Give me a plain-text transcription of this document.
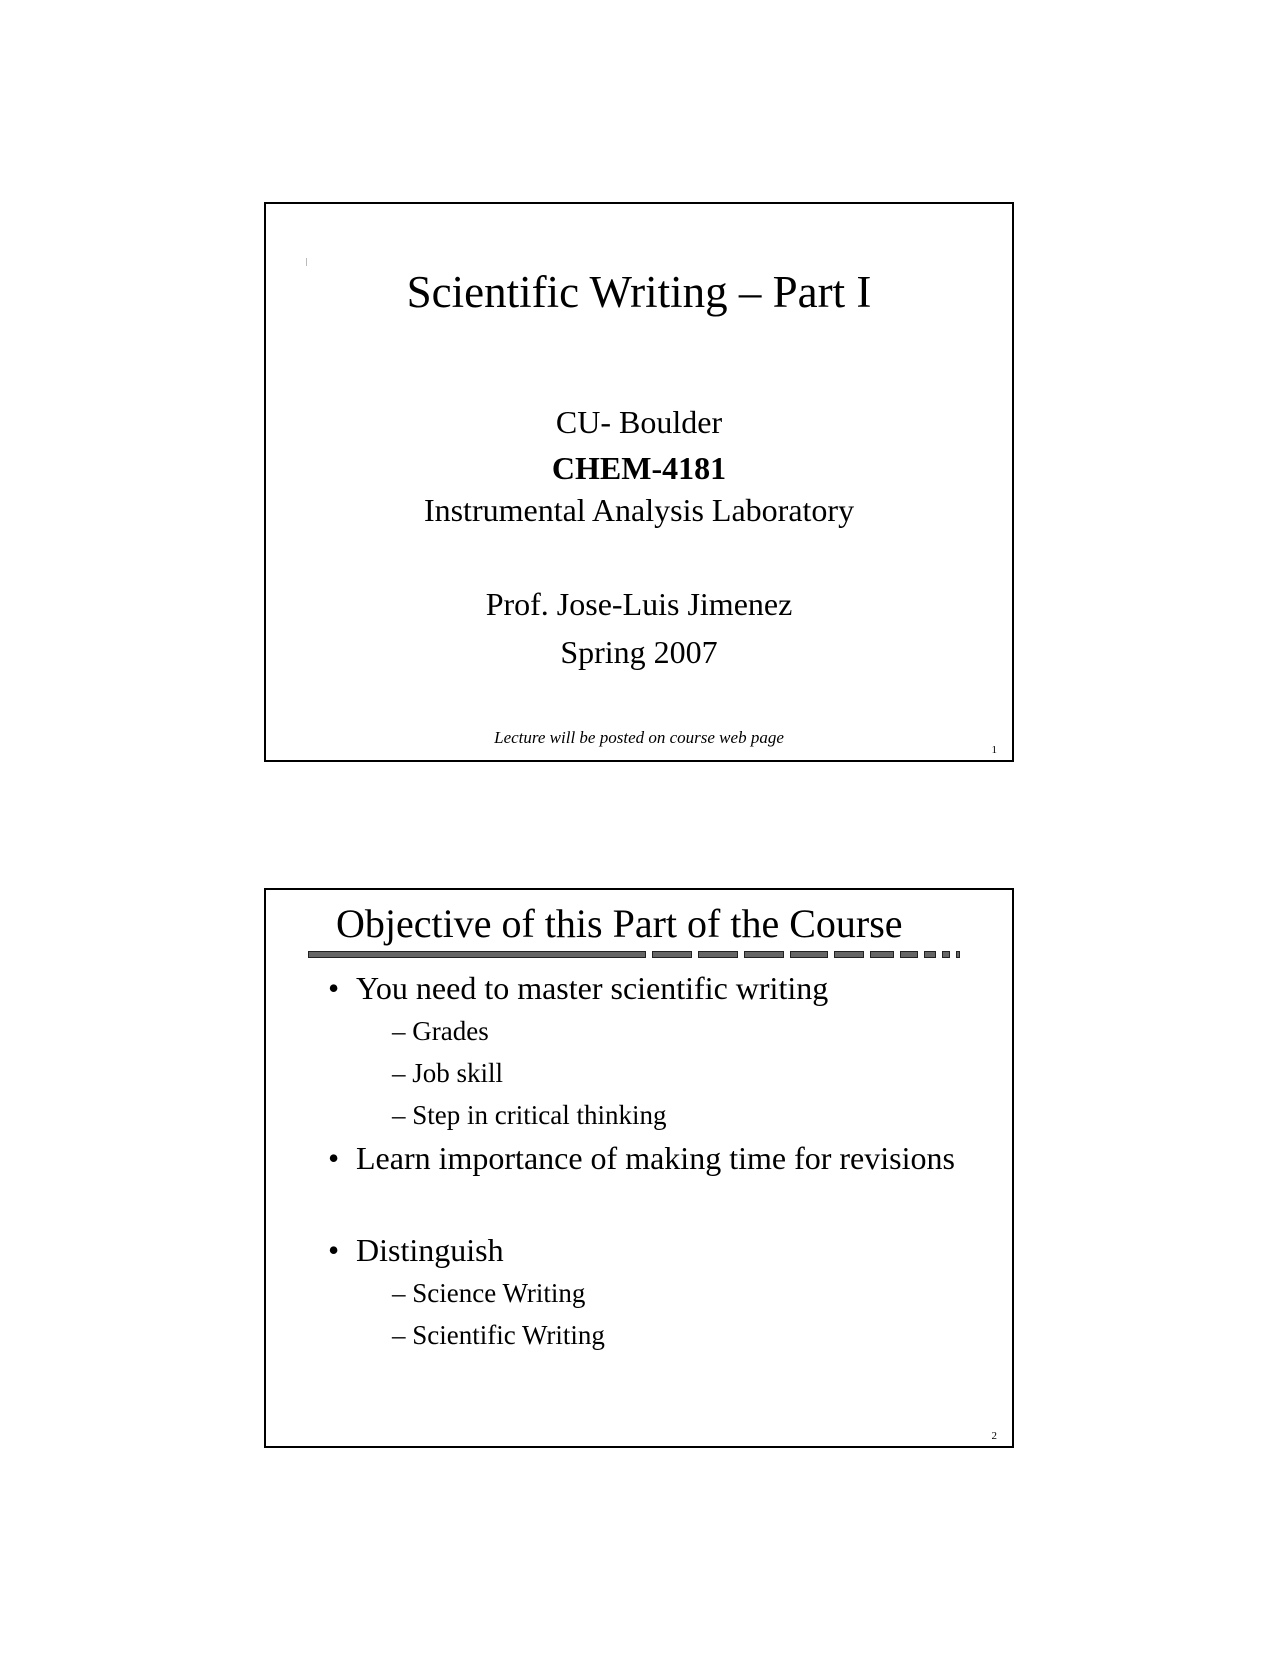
Scientific Writing – Part I
CU- Boulder
CHEM-4181
Instrumental Analysis Laboratory
Prof. Jose-Luis Jimenez
Spring 2007
Lecture will be posted on course web page
1
Objective of this Part of the Course
• You need to master scientific writing
– Grades
– Job skill
– Step in critical thinking
• Learn importance of making time for revisions
• Distinguish
– Science Writing
– Scientific Writing
2
